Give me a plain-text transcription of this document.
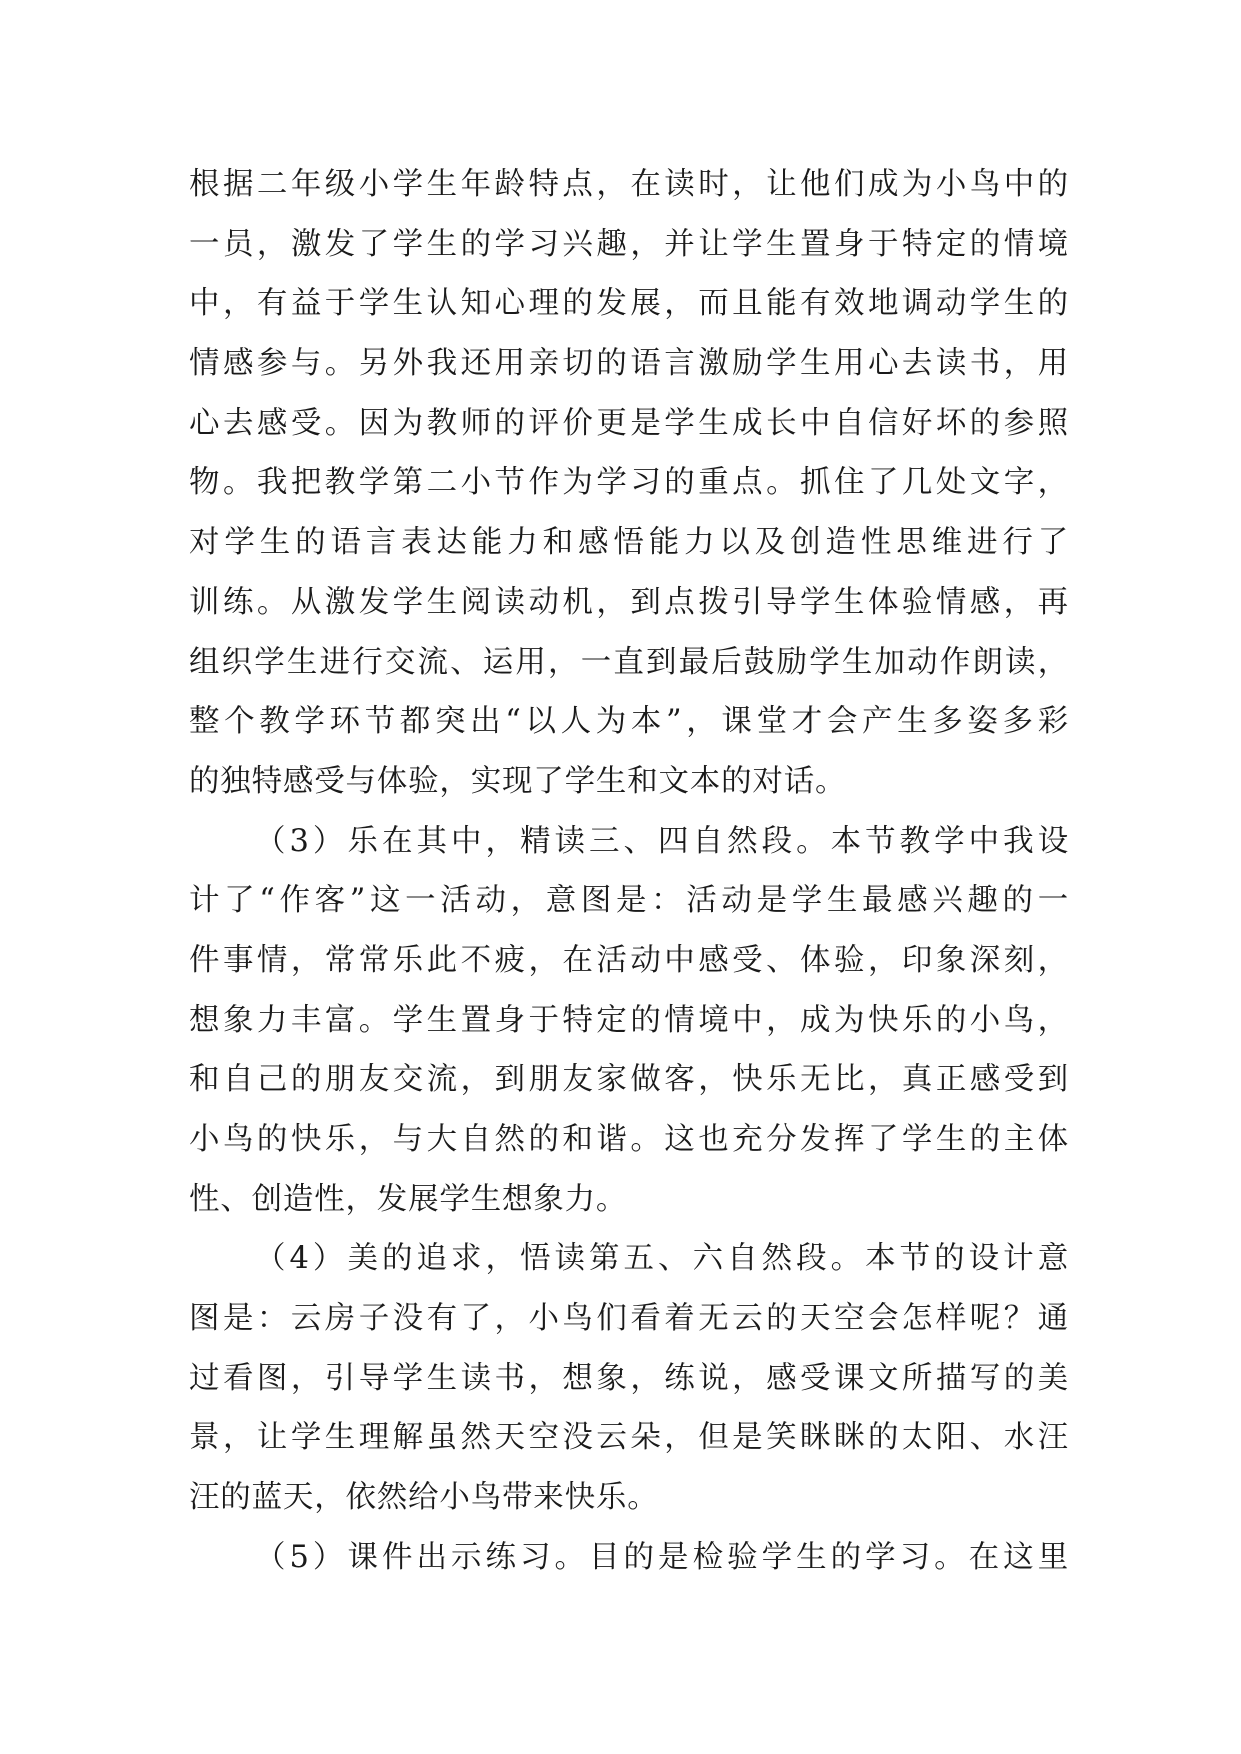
根据二年级小学生年龄特点，在读时，让他们成为小鸟中的
一员，激发了学生的学习兴趣，并让学生置身于特定的情境
中，有益于学生认知心理的发展，而且能有效地调动学生的
情感参与。另外我还用亲切的语言激励学生用心去读书，用
心去感受。因为教师的评价更是学生成长中自信好坏的参照
物。我把教学第二小节作为学习的重点。抓住了几处文字，
对学生的语言表达能力和感悟能力以及创造性思维进行了
训练。从激发学生阅读动机，到点拨引导学生体验情感，再
组织学生进行交流、运用，一直到最后鼓励学生加动作朗读，
整个教学环节都突出“以人为本”，课堂才会产生多姿多彩
的独特感受与体验，实现了学生和文本的对话。
（3）乐在其中，精读三、四自然段。本节教学中我设
计了“作客”这一活动，意图是：活动是学生最感兴趣的一
件事情，常常乐此不疲，在活动中感受、体验，印象深刻，
想象力丰富。学生置身于特定的情境中，成为快乐的小鸟，
和自己的朋友交流，到朋友家做客，快乐无比，真正感受到
小鸟的快乐，与大自然的和谐。这也充分发挥了学生的主体
性、创造性，发展学生想象力。
（4）美的追求，悟读第五、六自然段。本节的设计意
图是：云房子没有了，小鸟们看着无云的天空会怎样呢？通
过看图，引导学生读书，想象，练说，感受课文所描写的美
景，让学生理解虽然天空没云朵，但是笑眯眯的太阳、水汪
汪的蓝天，依然给小鸟带来快乐。
（5）课件出示练习。目的是检验学生的学习。在这里
